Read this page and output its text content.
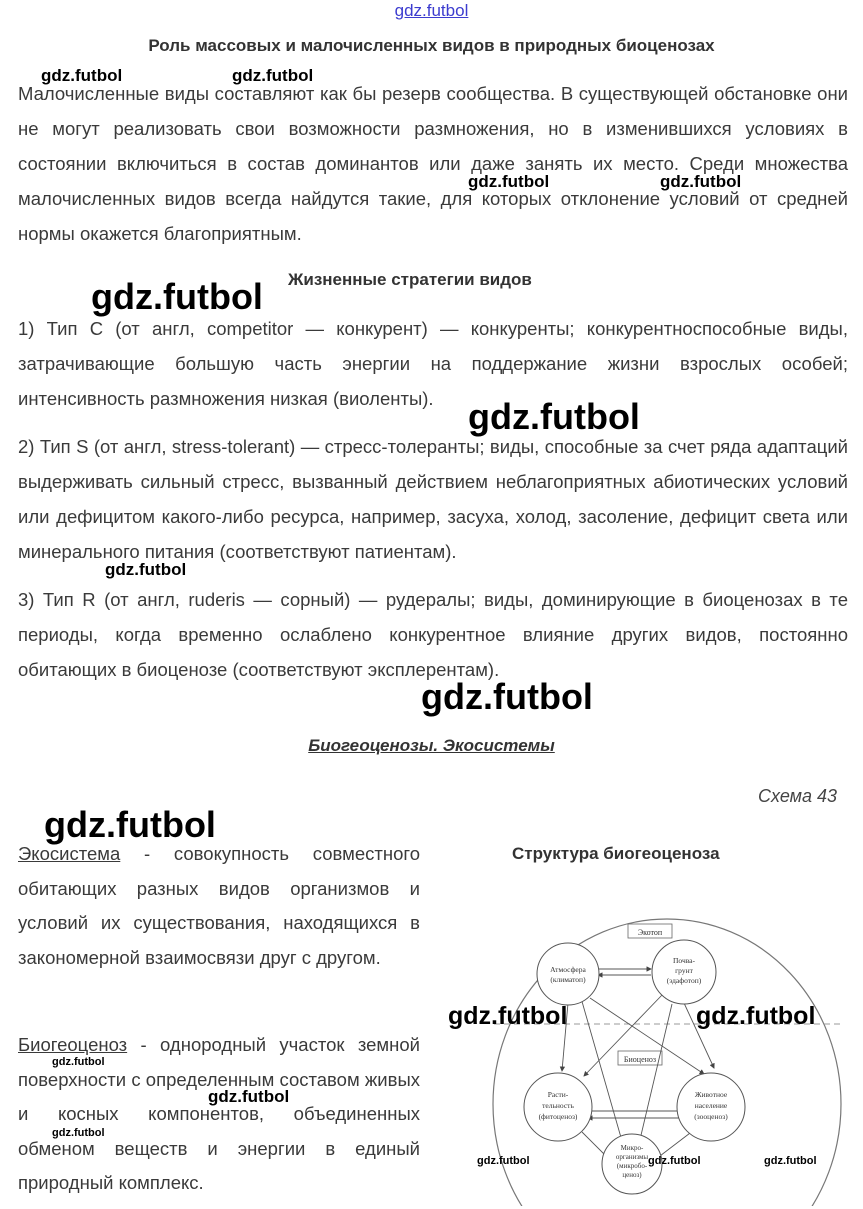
gdz.futbol
Роль массовых и малочисленных видов в природных биоценозах
Малочисленные виды составляют как бы резерв сообщества. В существующей обстановке они не могут реализовать свои возможности размножения, но в изменившихся условиях в состоянии включиться в состав доминантов или даже занять их место. Среди множества малочисленных видов всегда найдутся такие, для которых отклонение условий от средней нормы окажется благоприятным.
Жизненные стратегии видов
1) Тип С (от англ, competitor — конкурент) — конкуренты; конкурентноспособные виды, затрачивающие большую часть энергии на поддержание жизни взрослых особей; интенсивность размножения низкая (виоленты).
2) Тип S (от англ, stress-tolerant) — стресс-толеранты; виды, способные за счет ряда адаптаций выдерживать сильный стресс, вызванный действием неблагоприятных абиотических условий или дефицитом какого-либо ресурса, например, засуха, холод, засоление, дефицит света или минерального питания (соответствуют патиентам).
3) Тип R (от англ, ruderis — сорный) — рудералы; виды, доминирующие в биоценозах в те периоды, когда временно ослаблено конкурентное влияние других видов, постоянно обитающих в биоценозе (соответствуют эксплерентам).
Биогеоценозы. Экосистемы
Схема 43
Экосистема - совокупность совместного обитающих разных видов организмов и условий их существования, находящихся в закономерной взаимосвязи друг с другом.
Биогеоценоз - однородный участок земной поверхности с определенным составом живых и косных компонентов, объединенных обменом веществ и энергии в единый природный комплекс.
Структура биогеоценоза
Экотоп
Биоценоз
Атмосфера
(климатоп)
Почва-
грунт
(эдафотоп)
Расти-
тельность
(фитоценоз)
Животное
население
(зооценоз)
Микро-
организмы
(микробо-
ценоз)
gdz.futbol	gdz.futbol
gdz.futbol	gdz.futbol
gdz.futbol
gdz.futbol
gdz.futbol
gdz.futbol
gdz.futbol
gdz.futbol	gdz.futbol
gdz.futbol
gdz.futbol
gdz.futbol
gdz.futbol	gdz.futbol	gdz.futbol
